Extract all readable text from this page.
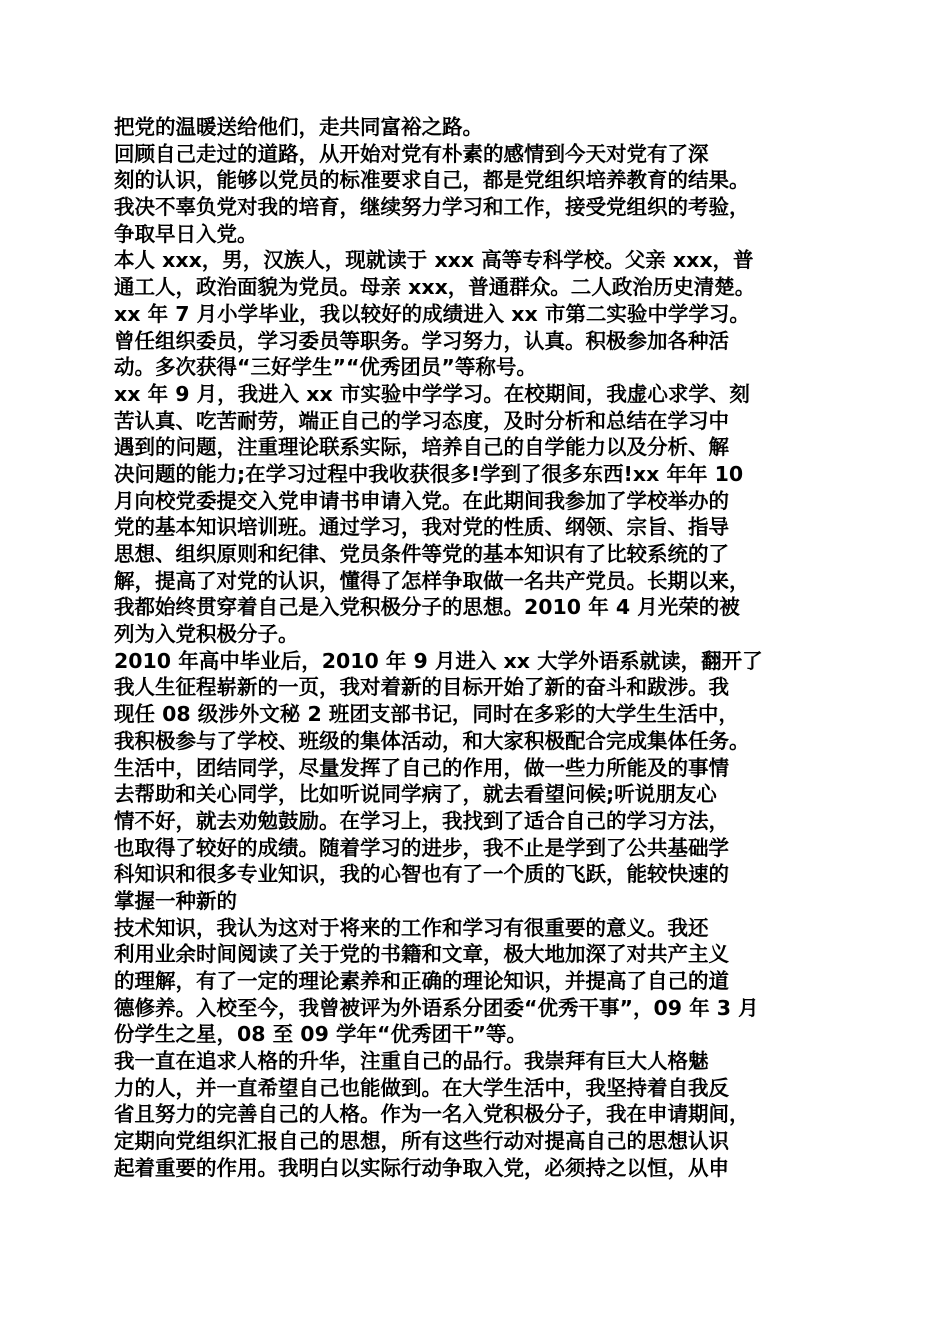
把党的温暖送给他们，走共同富裕之路。
回顾自己走过的道路，从开始对党有朴素的感情到今天对党有了深
刻的认识，能够以党员的标准要求自己，都是党组织培养教育的结果。
我决不辜负党对我的培育，继续努力学习和工作，接受党组织的考验，
争取早日入党。
本人 xxx，男，汉族人，现就读于 xxx 高等专科学校。父亲 xxx，普
通工人，政治面貌为党员。母亲 xxx，普通群众。二人政治历史清楚。
xx 年 7 月小学毕业，我以较好的成绩进入 xx 市第二实验中学学习。
曾任组织委员，学习委员等职务。学习努力，认真。积极参加各种活
动。多次获得“三好学生”“优秀团员”等称号。
xx 年 9 月，我进入 xx 市实验中学学习。在校期间，我虚心求学、刻
苦认真、吃苦耐劳，端正自己的学习态度，及时分析和总结在学习中
遇到的问题，注重理论联系实际，培养自己的自学能力以及分析、解
决问题的能力;在学习过程中我收获很多!学到了很多东西!xx 年年 10
月向校党委提交入党申请书申请入党。在此期间我参加了学校举办的
党的基本知识培训班。通过学习，我对党的性质、纲领、宗旨、指导
思想、组织原则和纪律、党员条件等党的基本知识有了比较系统的了
解，提高了对党的认识，懂得了怎样争取做一名共产党员。长期以来，
我都始终贯穿着自己是入党积极分子的思想。2010 年 4 月光荣的被
列为入党积极分子。
2010 年高中毕业后，2010 年 9 月进入 xx 大学外语系就读，翻开了
我人生征程崭新的一页，我对着新的目标开始了新的奋斗和跋涉。我
现任 08 级涉外文秘 2 班团支部书记，同时在多彩的大学生生活中，
我积极参与了学校、班级的集体活动，和大家积极配合完成集体任务。
生活中，团结同学，尽量发挥了自己的作用，做一些力所能及的事情
去帮助和关心同学，比如听说同学病了，就去看望问候;听说朋友心
情不好，就去劝勉鼓励。在学习上，我找到了适合自己的学习方法，
也取得了较好的成绩。随着学习的进步，我不止是学到了公共基础学
科知识和很多专业知识，我的心智也有了一个质的飞跃，能较快速的
掌握一种新的
技术知识，我认为这对于将来的工作和学习有很重要的意义。我还
利用业余时间阅读了关于党的书籍和文章，极大地加深了对共产主义
的理解，有了一定的理论素养和正确的理论知识，并提高了自己的道
德修养。入校至今，我曾被评为外语系分团委“优秀干事”，09 年 3 月
份学生之星，08 至 09 学年“优秀团干”等。
我一直在追求人格的升华，注重自己的品行。我崇拜有巨大人格魅
力的人，并一直希望自己也能做到。在大学生活中，我坚持着自我反
省且努力的完善自己的人格。作为一名入党积极分子，我在申请期间，
定期向党组织汇报自己的思想，所有这些行动对提高自己的思想认识
起着重要的作用。我明白以实际行动争取入党，必须持之以恒，从申
